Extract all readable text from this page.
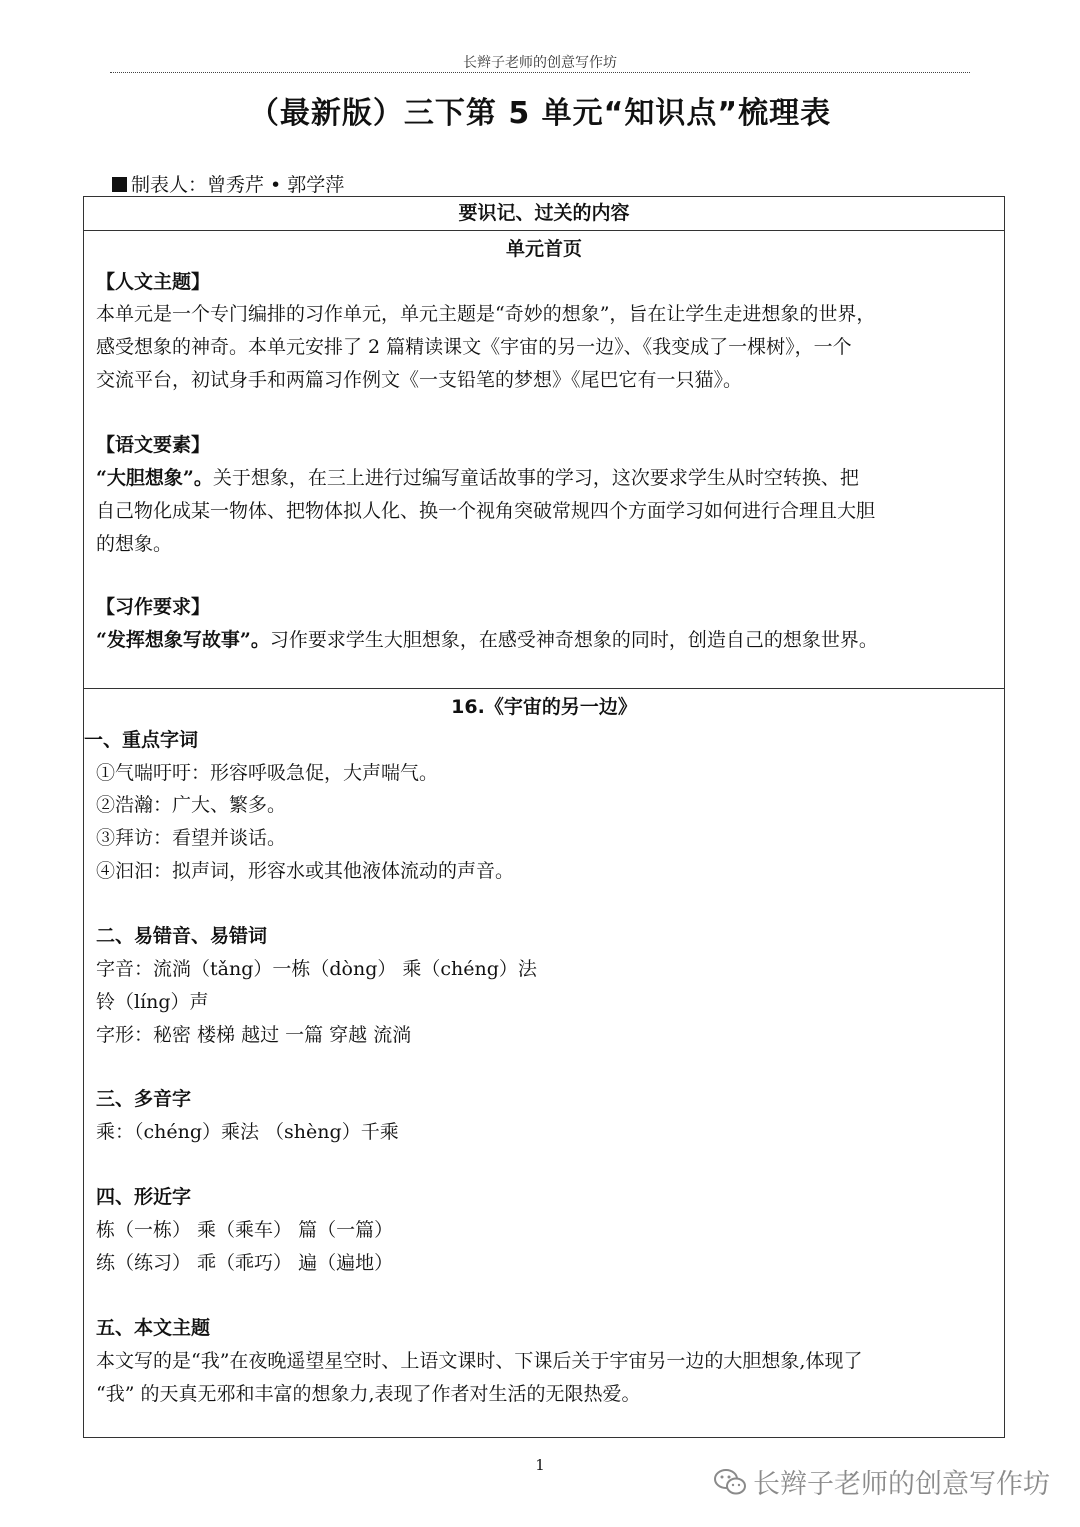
长辫子老师的创意写作坊
（最新版）三下第 5 单元“知识点”梳理表
制表人：曾秀芹 • 郭学萍
要识记、过关的内容
单元首页
【人文主题】
本单元是一个专门编排的习作单元，单元主题是“奇妙的想象”，旨在让学生走进想象的世界，
感受想象的神奇。本单元安排了 2 篇精读课文《宇宙的另一边》、《我变成了一棵树》，一个
交流平台，初试身手和两篇习作例文《一支铅笔的梦想》《尾巴它有一只猫》。
【语文要素】
“大胆想象”。关于想象，在三上进行过编写童话故事的学习，这次要求学生从时空转换、把
自己物化成某一物体、把物体拟人化、换一个视角突破常规四个方面学习如何进行合理且大胆
的想象。
【习作要求】
“发挥想象写故事”。习作要求学生大胆想象，在感受神奇想象的同时，创造自己的想象世界。
16.《宇宙的另一边》
一、重点字词
①气喘吁吁：形容呼吸急促，大声喘气。
②浩瀚：广大、繁多。
③拜访：看望并谈话。
④汩汩：拟声词，形容水或其他液体流动的声音。
二、易错音、易错词
字音：流淌（tǎng）一栋（dòng） 乘（chéng）法
铃（líng）声
字形：秘密 楼梯 越过 一篇 穿越 流淌
三、多音字
乘：（chéng）乘法 （shèng）千乘
四、形近字
栋（一栋） 乘（乘车） 篇（一篇）
练（练习） 乖（乖巧） 遍（遍地）
五、本文主题
本文写的是“我”在夜晚遥望星空时、上语文课时、下课后关于宇宙另一边的大胆想象,体现了
“我” 的天真无邪和丰富的想象力,表现了作者对生活的无限热爱。
1
长辫子老师的创意写作坊
